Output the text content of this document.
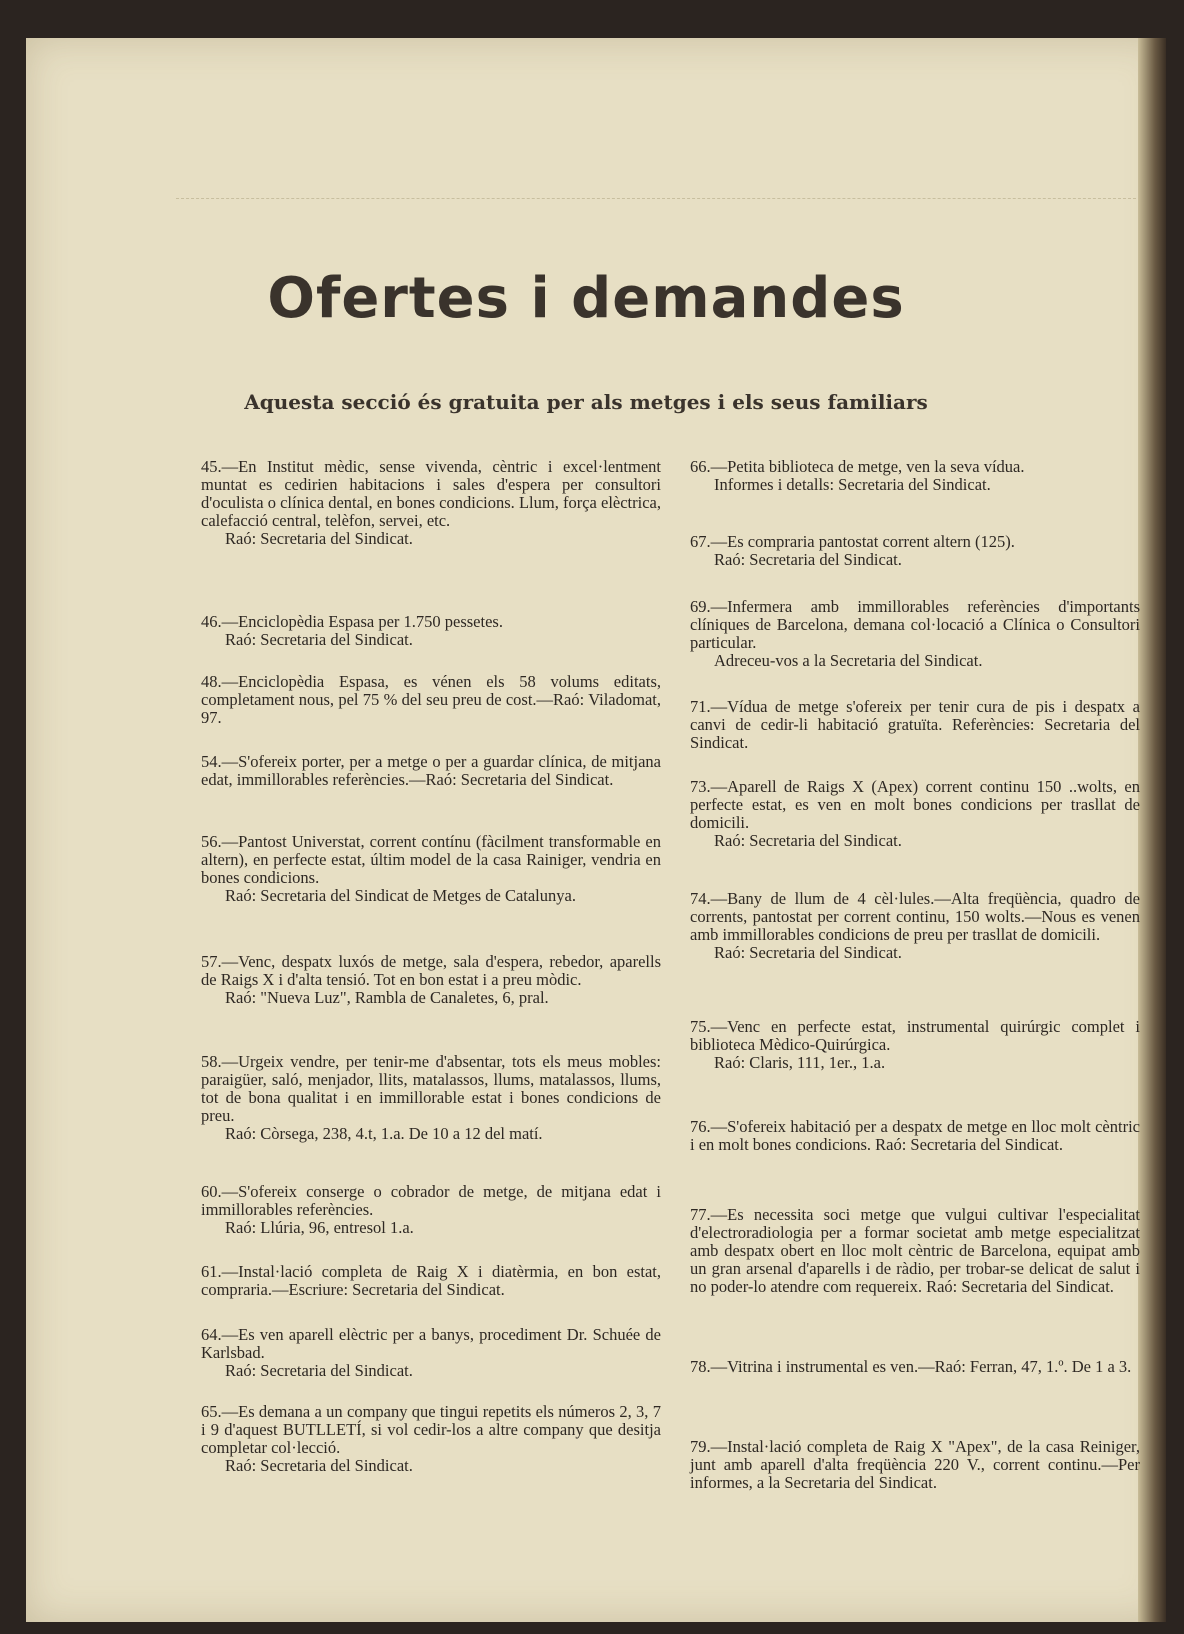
Ofertes i demandes
Aquesta secció és gratuita per als metges i els seus familiars
45.—En Institut mèdic, sense vivenda, cèntric i excel·lentment muntat es cedirien habitacions i sales d'espera per consultori d'oculista o clínica dental, en bones condicions. Llum, força elèctrica, calefacció central, telèfon, servei, etc.
Raó: Secretaria del Sindicat.
46.—Enciclopèdia Espasa per 1.750 pessetes.
Raó: Secretaria del Sindicat.
48.—Enciclopèdia Espasa, es vénen els 58 volums editats, completament nous, pel 75 % del seu preu de cost.—Raó: Viladomat, 97.
54.—S'ofereix porter, per a metge o per a guardar clínica, de mitjana edat, immillorables referències.—Raó: Secretaria del Sindicat.
56.—Pantost Universtat, corrent contínu (fàcilment transformable en altern), en perfecte estat, últim model de la casa Rainiger, vendria en bones condicions.
Raó: Secretaria del Sindicat de Metges de Catalunya.
57.—Venc, despatx luxós de metge, sala d'espera, rebedor, aparells de Raigs X i d'alta tensió. Tot en bon estat i a preu mòdic.
Raó: "Nueva Luz", Rambla de Canaletes, 6, pral.
58.—Urgeix vendre, per tenir-me d'absentar, tots els meus mobles: paraigüer, saló, menjador, llits, matalassos, llums, matalassos, llums, tot de bona qualitat i en immillorable estat i bones condicions de preu.
Raó: Còrsega, 238, 4.t, 1.a. De 10 a 12 del matí.
60.—S'ofereix conserge o cobrador de metge, de mitjana edat i immillorables referències.
Raó: Llúria, 96, entresol 1.a.
61.—Instal·lació completa de Raig X i diatèrmia, en bon estat, compraria.—Escriure: Secretaria del Sindicat.
64.—Es ven aparell elèctric per a banys, procediment Dr. Schuée de Karlsbad.
Raó: Secretaria del Sindicat.
65.—Es demana a un company que tingui repetits els números 2, 3, 7 i 9 d'aquest BUTLLETÍ, si vol cedir-los a altre company que desitja completar col·lecció.
Raó: Secretaria del Sindicat.
66.—Petita biblioteca de metge, ven la seva vídua.
Informes i detalls: Secretaria del Sindicat.
67.—Es compraria pantostat corrent altern (125).
Raó: Secretaria del Sindicat.
69.—Infermera amb immillorables referències d'importants clíniques de Barcelona, demana col·locació a Clínica o Consultori particular.
Adreceu-vos a la Secretaria del Sindicat.
71.—Vídua de metge s'ofereix per tenir cura de pis i despatx a canvi de cedir-li habitació gratuïta. Referències: Secretaria del Sindicat.
73.—Aparell de Raigs X (Apex) corrent continu 150 ..wolts, en perfecte estat, es ven en molt bones condicions per trasllat de domicili.
Raó: Secretaria del Sindicat.
74.—Bany de llum de 4 cèl·lules.—Alta freqüència, quadro de corrents, pantostat per corrent continu, 150 wolts.—Nous es venen amb immillorables condicions de preu per trasllat de domicili.
Raó: Secretaria del Sindicat.
75.—Venc en perfecte estat, instrumental quirúrgic complet i biblioteca Mèdico-Quirúrgica.
Raó: Claris, 111, 1er., 1.a.
76.—S'ofereix habitació per a despatx de metge en lloc molt cèntric i en molt bones condicions. Raó: Secretaria del Sindicat.
77.—Es necessita soci metge que vulgui cultivar l'especialitat d'electroradiologia per a formar societat amb metge especialitzat amb despatx obert en lloc molt cèntric de Barcelona, equipat amb un gran arsenal d'aparells i de ràdio, per trobar-se delicat de salut i no poder-lo atendre com requereix. Raó: Secretaria del Sindicat.
78.—Vitrina i instrumental es ven.—Raó: Ferran, 47, 1.º. De 1 a 3.
79.—Instal·lació completa de Raig X "Apex", de la casa Reiniger, junt amb aparell d'alta freqüència 220 V., corrent continu.—Per informes, a la Secretaria del Sindicat.
